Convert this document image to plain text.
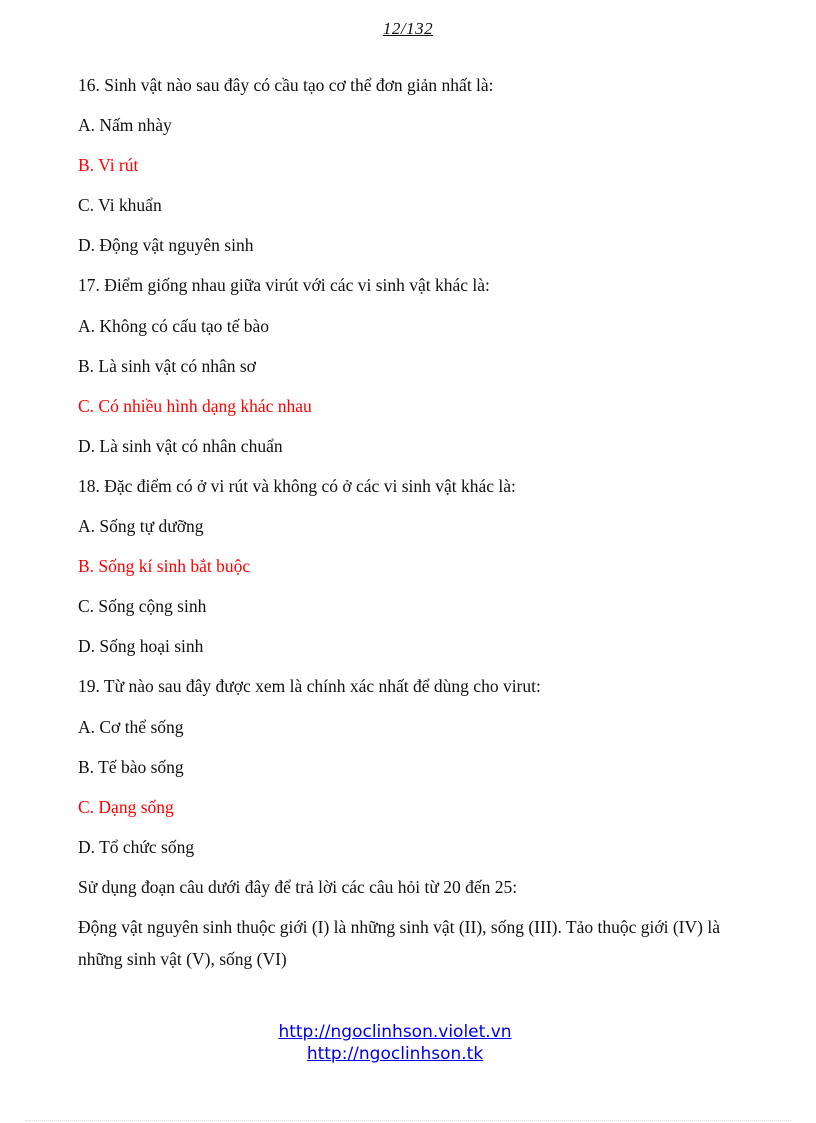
12/132
16. Sinh vật nào sau đây có cầu tạo cơ thể đơn giản nhất là:
A. Nấm nhày
B. Vi rút
C. Vi khuẩn
D. Động vật nguyên sinh
17. Điểm giống nhau giữa virút với các vi sinh vật khác là:
A. Không có cấu tạo tế bào
B. Là sinh vật có nhân sơ
C. Có nhiều hình dạng khác nhau
D. Là sinh vật có nhân chuẩn
18. Đặc điểm có ở vi rút và không có ở các vi sinh vật khác là:
A. Sống tự dưỡng
B. Sống kí sinh bắt buộc
C. Sống cộng sinh
D. Sống hoại sinh
19. Từ nào sau đây được xem là chính xác nhất để dùng cho virut:
A. Cơ thể sống
B. Tế bào sống
C. Dạng sống
D. Tổ chức sống
Sử dụng đoạn câu dưới đây để trả lời các câu hỏi từ 20 đến 25:
Động vật nguyên sinh thuộc giới (I) là những sinh vật (II), sống (III). Tảo thuộc giới (IV) là những sinh vật (V), sống (VI)
http://ngoclinhson.violet.vn
http://ngoclinhson.tk
